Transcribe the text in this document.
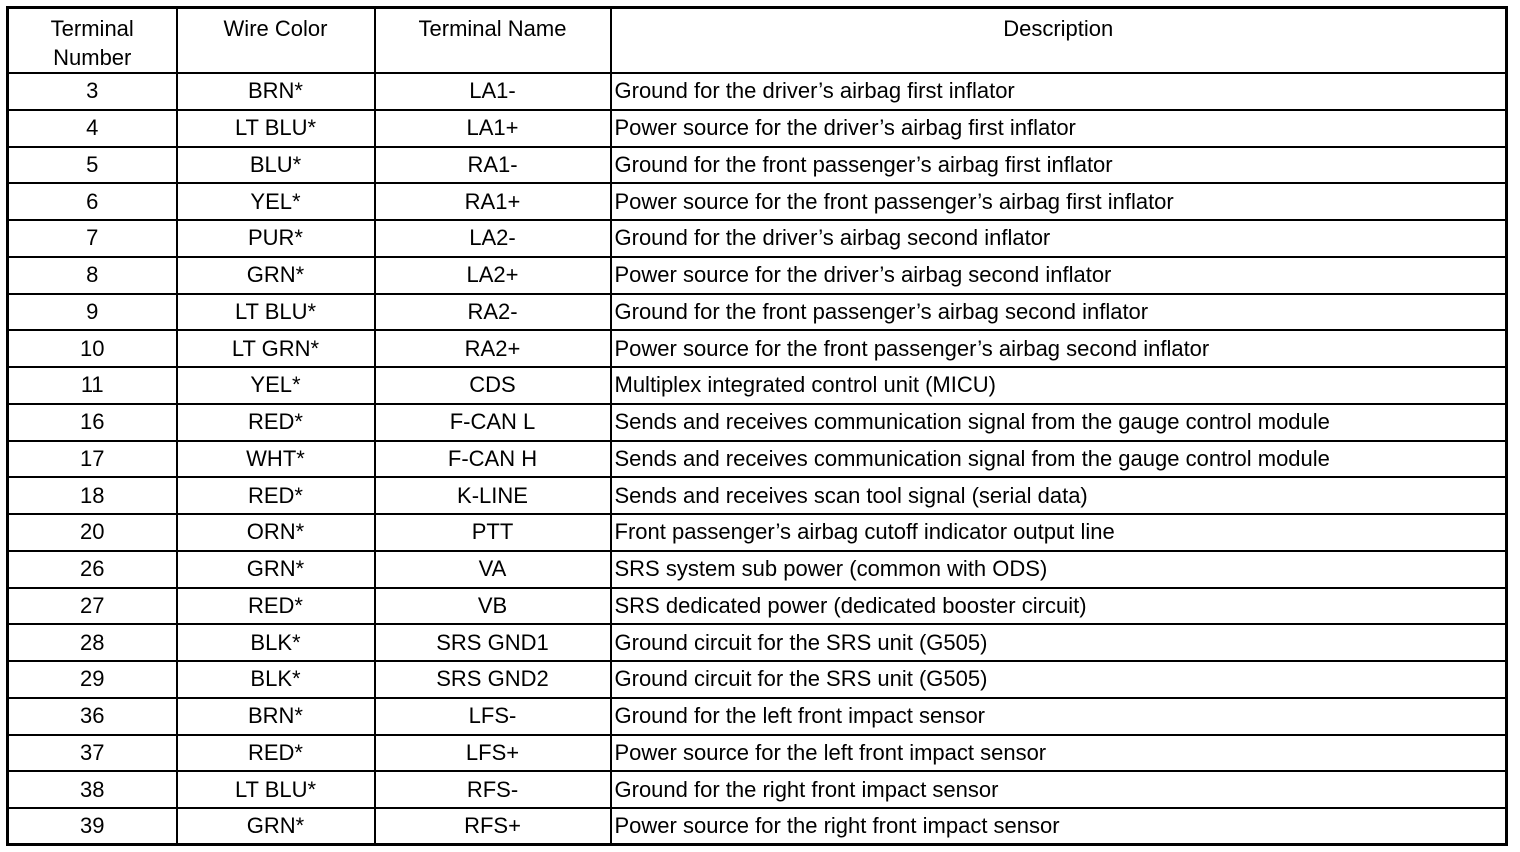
Terminal
Number	Wire Color	Terminal Name	Description
3	BRN*	LA1-	Ground for the driver’s airbag first inflator
4	LT BLU*	LA1+	Power source for the driver’s airbag first inflator
5	BLU*	RA1-	Ground for the front passenger’s airbag first inflator
6	YEL*	RA1+	Power source for the front passenger’s airbag first inflator
7	PUR*	LA2-	Ground for the driver’s airbag second inflator
8	GRN*	LA2+	Power source for the driver’s airbag second inflator
9	LT BLU*	RA2-	Ground for the front passenger’s airbag second inflator
10	LT GRN*	RA2+	Power source for the front passenger’s airbag second inflator
11	YEL*	CDS	Multiplex integrated control unit (MICU)
16	RED*	F-CAN L	Sends and receives communication signal from the gauge control module
17	WHT*	F-CAN H	Sends and receives communication signal from the gauge control module
18	RED*	K-LINE	Sends and receives scan tool signal (serial data)
20	ORN*	PTT	Front passenger’s airbag cutoff indicator output line
26	GRN*	VA	SRS system sub power (common with ODS)
27	RED*	VB	SRS dedicated power (dedicated booster circuit)
28	BLK*	SRS GND1	Ground circuit for the SRS unit (G505)
29	BLK*	SRS GND2	Ground circuit for the SRS unit (G505)
36	BRN*	LFS-	Ground for the left front impact sensor
37	RED*	LFS+	Power source for the left front impact sensor
38	LT BLU*	RFS-	Ground for the right front impact sensor
39	GRN*	RFS+	Power source for the right front impact sensor
